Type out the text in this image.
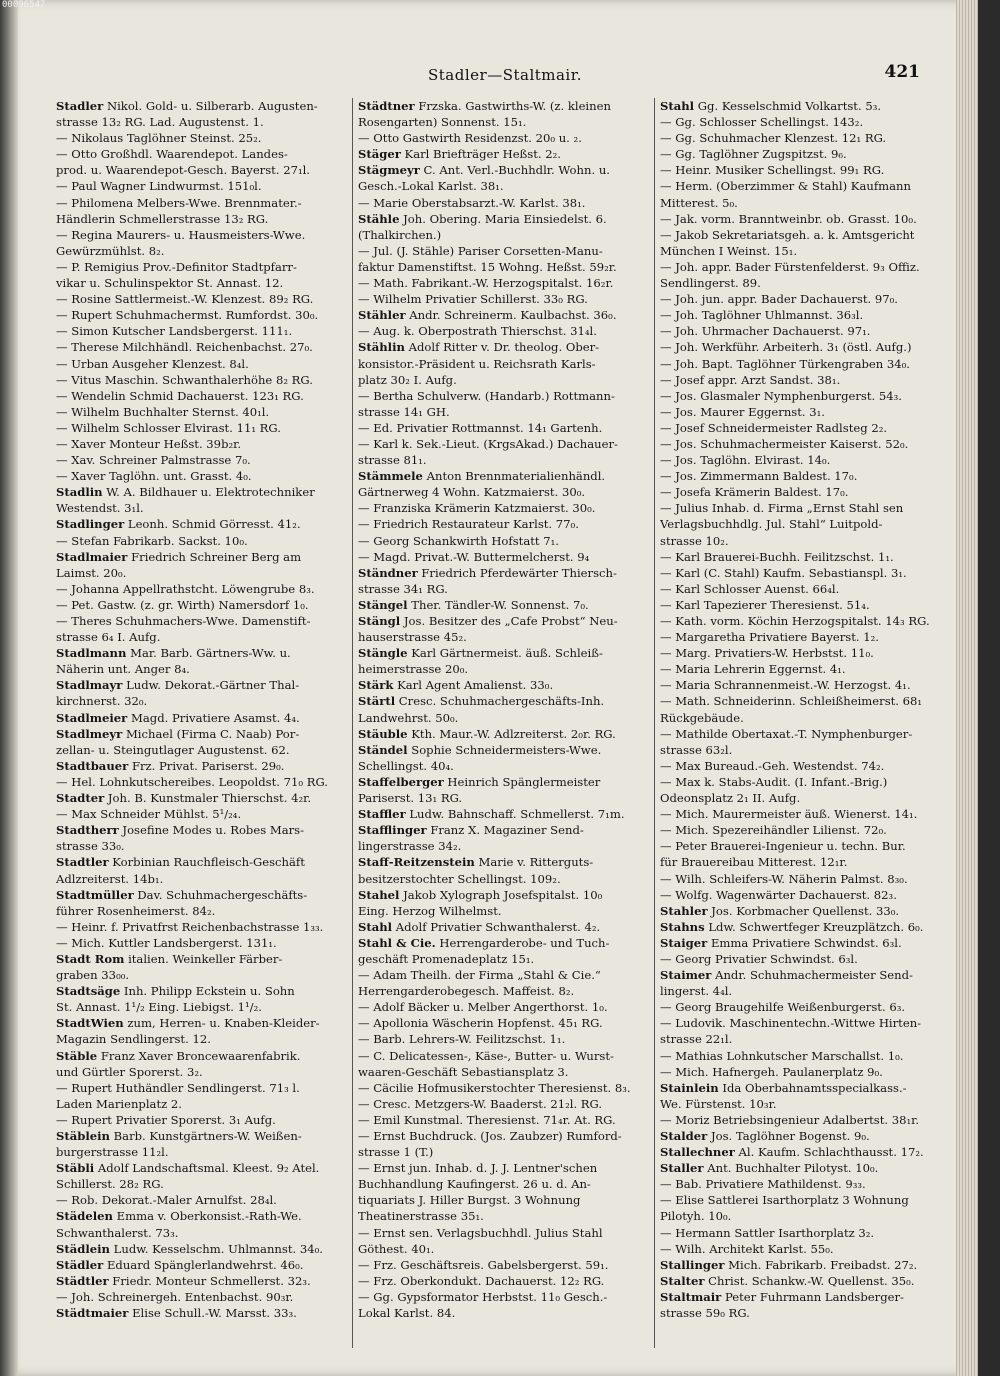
Stadler—Staltmair.	421
Stadler Nikol. Gold- u. Silberarb. Augusten-
strasse 13₂ RG. Lad. Augustenst. 1.
— Nikolaus Taglöhner Steinst. 25₂.
— Otto Großhdl. Waarendepot. Landes-
prod. u. Waarendepot-Gesch. Bayerst. 27₁l.
— Paul Wagner Lindwurmst. 151₀l.
— Philomena Melbers-Wwe. Brennmater.-
Händlerin Schmellerstrasse 13₂ RG.
— Regina Maurers- u. Hausmeisters-Wwe.
Gewürzmühlst. 8₂.
— P. Remigius Prov.-Definitor Stadtpfarr-
vikar u. Schulinspektor St. Annast. 12.
— Rosine Sattlermeist.-W. Klenzest. 89₂ RG.
— Rupert Schuhmachermst. Rumfordst. 30₀.
— Simon Kutscher Landsbergerst. 111₁.
— Therese Milchhändl. Reichenbachst. 27₀.
— Urban Ausgeher Klenzest. 8₄l.
— Vitus Maschin. Schwanthalerhöhe 8₂ RG.
— Wendelin Schmid Dachauerst. 123₁ RG.
— Wilhelm Buchhalter Sternst. 40₁l.
— Wilhelm Schlosser Elvirast. 11₁ RG.
— Xaver Monteur Heßst. 39b₂r.
— Xav. Schreiner Palmstrasse 7₀.
— Xaver Taglöhn. unt. Grasst. 4₀.
Stadlin W. A. Bildhauer u. Elektrotechniker
Westendst. 3₁l.
Stadlinger Leonh. Schmid Görresst. 41₂.
— Stefan Fabrikarb. Sackst. 10₀.
Stadlmaier Friedrich Schreiner Berg am
Laimst. 20₀.
— Johanna Appellrathstcht. Löwengrube 8₃.
— Pet. Gastw. (z. gr. Wirth) Namersdorf 1₀.
— Theres Schuhmachers-Wwe. Damenstift-
strasse 6₄ I. Aufg.
Stadlmann Mar. Barb. Gärtners-Ww. u.
Näherin unt. Anger 8₄.
Stadlmayr Ludw. Dekorat.-Gärtner Thal-
kirchnerst. 32₀.
Stadlmeier Magd. Privatiere Asamst. 4₄.
Stadlmeyr Michael (Firma C. Naab) Por-
zellan- u. Steingutlager Augustenst. 62.
Stadtbauer Frz. Privat. Pariserst. 29₀.
— Hel. Lohnkutschereibes. Leopoldst. 71₀ RG.
Stadter Joh. B. Kunstmaler Thierschst. 4₂r.
— Max Schneider Mühlst. 5¹/₂₄.
Stadtherr Josefine Modes u. Robes Mars-
strasse 33₀.
Stadtler Korbinian Rauchfleisch-Geschäft
Adlzreiterst. 14b₁.
Stadtmüller Dav. Schuhmachergeschäfts-
führer Rosenheimerst. 84₂.
— Heinr. f. Privatfrst Reichenbachstrasse 1₃₃.
— Mich. Kuttler Landsbergerst. 131₁.
Stadt Rom italien. Weinkeller Färber-
graben 33₀₀.
Stadtsäge Inh. Philipp Eckstein u. Sohn
St. Annast. 1¹/₂ Eing. Liebigst. 1¹/₂.
StadtWien zum, Herren- u. Knaben-Kleider-
Magazin Sendlingerst. 12.
Stäble Franz Xaver Broncewaarenfabrik.
und Gürtler Sporerst. 3₂.
— Rupert Huthändler Sendlingerst. 71₃ l.
Laden Marienplatz 2.
— Rupert Privatier Sporerst. 3₁ Aufg.
Stäblein Barb. Kunstgärtners-W. Weißen-
burgerstrasse 11₂l.
Stäbli Adolf Landschaftsmal. Kleest. 9₂ Atel.
Schillerst. 28₂ RG.
— Rob. Dekorat.-Maler Arnulfst. 28₄l.
Städelen Emma v. Oberkonsist.-Rath-We.
Schwanthalerst. 73₃.
Städlein Ludw. Kesselschm. Uhlmannst. 34₀.
Städler Eduard Spänglerlandwehrst. 46₀.
Städtler Friedr. Monteur Schmellerst. 32₃.
— Joh. Schreinergeh. Entenbachst. 90₃r.
Städtmaier Elise Schull.-W. Marsst. 33₃.
Städtner Frzska. Gastwirths-W. (z. kleinen
Rosengarten) Sonnenst. 15₁.
— Otto Gastwirth Residenzst. 20₀ u. ₂.
Stäger Karl Briefträger Heßst. 2₂.
Stägmeyr C. Ant. Verl.-Buchhdlr. Wohn. u.
Gesch.-Lokal Karlst. 38₁.
— Marie Oberstabsarzt.-W. Karlst. 38₁.
Stähle Joh. Obering. Maria Einsiedelst. 6.
(Thalkirchen.)
— Jul. (J. Stähle) Pariser Corsetten-Manu-
faktur Damenstiftst. 15 Wohng. Heßst. 59₂r.
— Math. Fabrikant.-W. Herzogspitalst. 16₂r.
— Wilhelm Privatier Schillerst. 33₀ RG.
Stähler Andr. Schreinerm. Kaulbachst. 36₀.
— Aug. k. Oberpostrath Thierschst. 31₄l.
Stählin Adolf Ritter v. Dr. theolog. Ober-
konsistor.-Präsident u. Reichsrath Karls-
platz 30₂ I. Aufg.
— Bertha Schulverw. (Handarb.) Rottmann-
strasse 14₁ GH.
— Ed. Privatier Rottmannst. 14₁ Gartenh.
— Karl k. Sek.-Lieut. (KrgsAkad.) Dachauer-
strasse 81₁.
Stämmele Anton Brennmaterialienhändl.
Gärtnerweg 4 Wohn. Katzmaierst. 30₀.
— Franziska Krämerin Katzmaierst. 30₀.
— Friedrich Restaurateur Karlst. 77₀.
— Georg Schankwirth Hofstatt 7₁.
— Magd. Privat.-W. Buttermelcherst. 9₄
Ständner Friedrich Pferdewärter Thiersch-
strasse 34₁ RG.
Stängel Ther. Tändler-W. Sonnenst. 7₀.
Stängl Jos. Besitzer des „Cafe Probst“ Neu-
hauserstrasse 45₂.
Stängle Karl Gärtnermeist. äuß. Schleiß-
heimerstrasse 20₀.
Stärk Karl Agent Amalienst. 33₀.
Stärtl Cresc. Schuhmachergeschäfts-Inh.
Landwehrst. 50₀.
Stäuble Kth. Maur.-W. Adlzreiterst. 2₀r. RG.
Ständel Sophie Schneidermeisters-Wwe.
Schellingst. 40₄.
Staffelberger Heinrich Spänglermeister
Pariserst. 13₁ RG.
Staffler Ludw. Bahnschaff. Schmellerst. 7₁m.
Stafflinger Franz X. Magaziner Send-
lingerstrasse 34₂.
Staff-Reitzenstein Marie v. Ritterguts-
besitzerstochter Schellingst. 109₂.
Stahel Jakob Xylograph Josefspitalst. 10₀
Eing. Herzog Wilhelmst.
Stahl Adolf Privatier Schwanthalerst. 4₂.
Stahl & Cie. Herrengarderobe- und Tuch-
geschäft Promenadeplatz 15₁.
— Adam Theilh. der Firma „Stahl & Cie.“
Herrengarderobegesch. Maffeist. 8₂.
— Adolf Bäcker u. Melber Angerthorst. 1₀.
— Apollonia Wäscherin Hopfenst. 45₁ RG.
— Barb. Lehrers-W. Feilitzschst. 1₁.
— C. Delicatessen-, Käse-, Butter- u. Wurst-
waaren-Geschäft Sebastiansplatz 3.
— Cäcilie Hofmusikerstochter Theresienst. 8₃.
— Cresc. Metzgers-W. Baaderst. 21₂l. RG.
— Emil Kunstmal. Theresienst. 71₄r. At. RG.
— Ernst Buchdruck. (Jos. Zaubzer) Rumford-
strasse 1 (T.)
— Ernst jun. Inhab. d. J. J. Lentner'schen
Buchhandlung Kaufingerst. 26 u. d. An-
tiquariats J. Hiller Burgst. 3 Wohnung
Theatinerstrasse 35₁.
— Ernst sen. Verlagsbuchhdl. Julius Stahl
Göthest. 40₁.
— Frz. Geschäftsreis. Gabelsbergerst. 59₁.
— Frz. Oberkondukt. Dachauerst. 12₂ RG.
— Gg. Gypsformator Herbstst. 11₀ Gesch.-
Lokal Karlst. 84.
Stahl Gg. Kesselschmid Volkartst. 5₃.
— Gg. Schlosser Schellingst. 143₂.
— Gg. Schuhmacher Klenzest. 12₁ RG.
— Gg. Taglöhner Zugspitzst. 9₆.
— Heinr. Musiker Schellingst. 99₁ RG.
— Herm. (Oberzimmer & Stahl) Kaufmann
Mitterest. 5₀.
— Jak. vorm. Branntweinbr. ob. Grasst. 10₀.
— Jakob Sekretariatsgeh. a. k. Amtsgericht
München I Weinst. 15₁.
— Joh. appr. Bader Fürstenfelderst. 9₃ Offiz.
Sendlingerst. 89.
— Joh. jun. appr. Bader Dachauerst. 97₀.
— Joh. Taglöhner Uhlmannst. 36₃l.
— Joh. Uhrmacher Dachauerst. 97₁.
— Joh. Werkführ. Arbeiterh. 3₁ (östl. Aufg.)
— Joh. Bapt. Taglöhner Türkengraben 34₀.
— Josef appr. Arzt Sandst. 38₁.
— Jos. Glasmaler Nymphenburgerst. 54₃.
— Jos. Maurer Eggernst. 3₁.
— Josef Schneidermeister Radlsteg 2₂.
— Jos. Schuhmachermeister Kaiserst. 52₀.
— Jos. Taglöhn. Elvirast. 14₀.
— Jos. Zimmermann Baldest. 17₀.
— Josefa Krämerin Baldest. 17₀.
— Julius Inhab. d. Firma „Ernst Stahl sen
Verlagsbuchhdlg. Jul. Stahl“ Luitpold-
strasse 10₂.
— Karl Brauerei-Buchh. Feilitzschst. 1₁.
— Karl (C. Stahl) Kaufm. Sebastianspl. 3₁.
— Karl Schlosser Auenst. 66₄l.
— Karl Tapezierer Theresienst. 51₄.
— Kath. vorm. Köchin Herzogspitalst. 14₃ RG.
— Margaretha Privatiere Bayerst. 1₂.
— Marg. Privatiers-W. Herbstst. 11₀.
— Maria Lehrerin Eggernst. 4₁.
— Maria Schrannenmeist.-W. Herzogst. 4₁.
— Math. Schneiderinn. Schleißheimerst. 68₁
Rückgebäude.
— Mathilde Obertaxat.-T. Nymphenburger-
strasse 63₂l.
— Max Bureaud.-Geh. Westendst. 74₂.
— Max k. Stabs-Audit. (I. Infant.-Brig.)
Odeonsplatz 2₁ II. Aufg.
— Mich. Maurermeister äuß. Wienerst. 14₁.
— Mich. Spezereihändler Lilienst. 72₀.
— Peter Brauerei-Ingenieur u. techn. Bur.
für Brauereibau Mitterest. 12₁r.
— Wilh. Schleifers-W. Näherin Palmst. 8₃₀.
— Wolfg. Wagenwärter Dachauerst. 82₃.
Stahler Jos. Korbmacher Quellenst. 33₀.
Stahns Ldw. Schwertfeger Kreuzplätzch. 6₀.
Staiger Emma Privatiere Schwindst. 6₃l.
— Georg Privatier Schwindst. 6₃l.
Staimer Andr. Schuhmachermeister Send-
lingerst. 4₄l.
— Georg Braugehilfe Weißenburgerst. 6₃.
— Ludovik. Maschinentechn.-Wittwe Hirten-
strasse 22₁l.
— Mathias Lohnkutscher Marschallst. 1₀.
— Mich. Hafnergeh. Paulanerplatz 9₀.
Stainlein Ida Oberbahnamtsspecialkass.-
We. Fürstenst. 10₃r.
— Moriz Betriebsingenieur Adalbertst. 38₁r.
Stalder Jos. Taglöhner Bogenst. 9₀.
Stallechner Al. Kaufm. Schlachthausst. 17₂.
Staller Ant. Buchhalter Pilotyst. 10₀.
— Bab. Privatiere Mathildenst. 9₃₃.
— Elise Sattlerei Isarthorplatz 3 Wohnung
Pilotyh. 10₀.
— Hermann Sattler Isarthorplatz 3₂.
— Wilh. Architekt Karlst. 55₀.
Stallinger Mich. Fabrikarb. Freibadst. 27₂.
Stalter Christ. Schankw.-W. Quellenst. 35₀.
Staltmair Peter Fuhrmann Landsberger-
strasse 59₀ RG.
00096547
